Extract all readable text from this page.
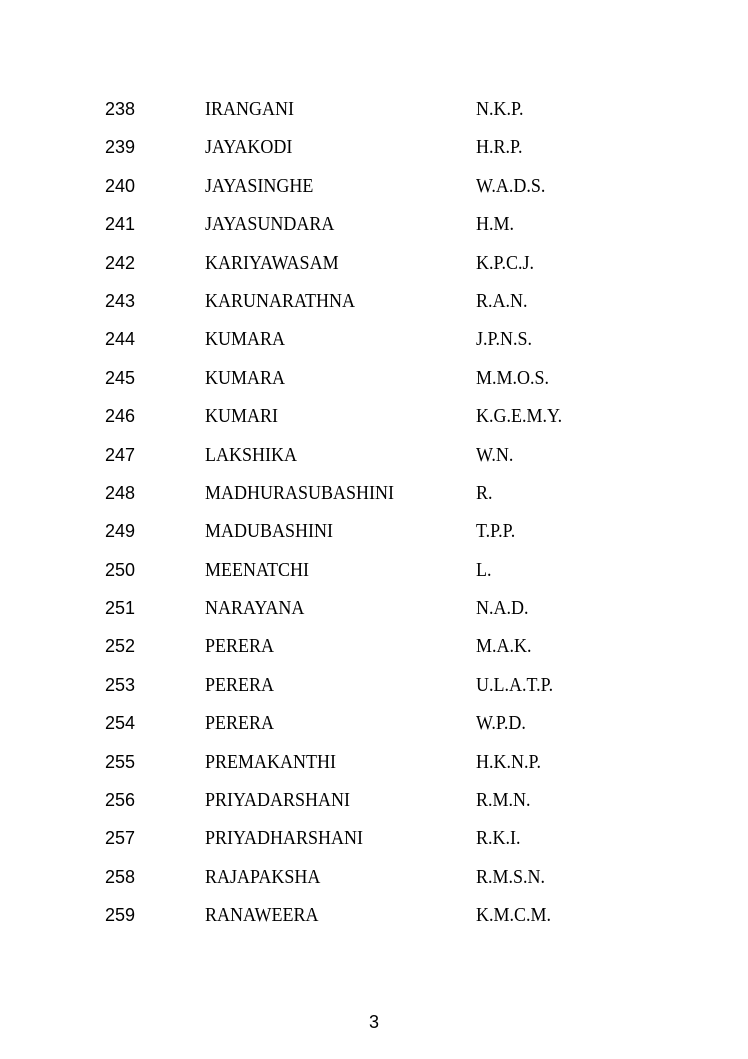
238	IRANGANI	N.K.P.
239	JAYAKODI	H.R.P.
240	JAYASINGHE	W.A.D.S.
241	JAYASUNDARA	H.M.
242	KARIYAWASAM	K.P.C.J.
243	KARUNARATHNA	R.A.N.
244	KUMARA	J.P.N.S.
245	KUMARA	M.M.O.S.
246	KUMARI	K.G.E.M.Y.
247	LAKSHIKA	W.N.
248	MADHURASUBASHINI	R.
249	MADUBASHINI	T.P.P.
250	MEENATCHI	L.
251	NARAYANA	N.A.D.
252	PERERA	M.A.K.
253	PERERA	U.L.A.T.P.
254	PERERA	W.P.D.
255	PREMAKANTHI	H.K.N.P.
256	PRIYADARSHANI	R.M.N.
257	PRIYADHARSHANI	R.K.I.
258	RAJAPAKSHA	R.M.S.N.
259	RANAWEERA	K.M.C.M.
3
